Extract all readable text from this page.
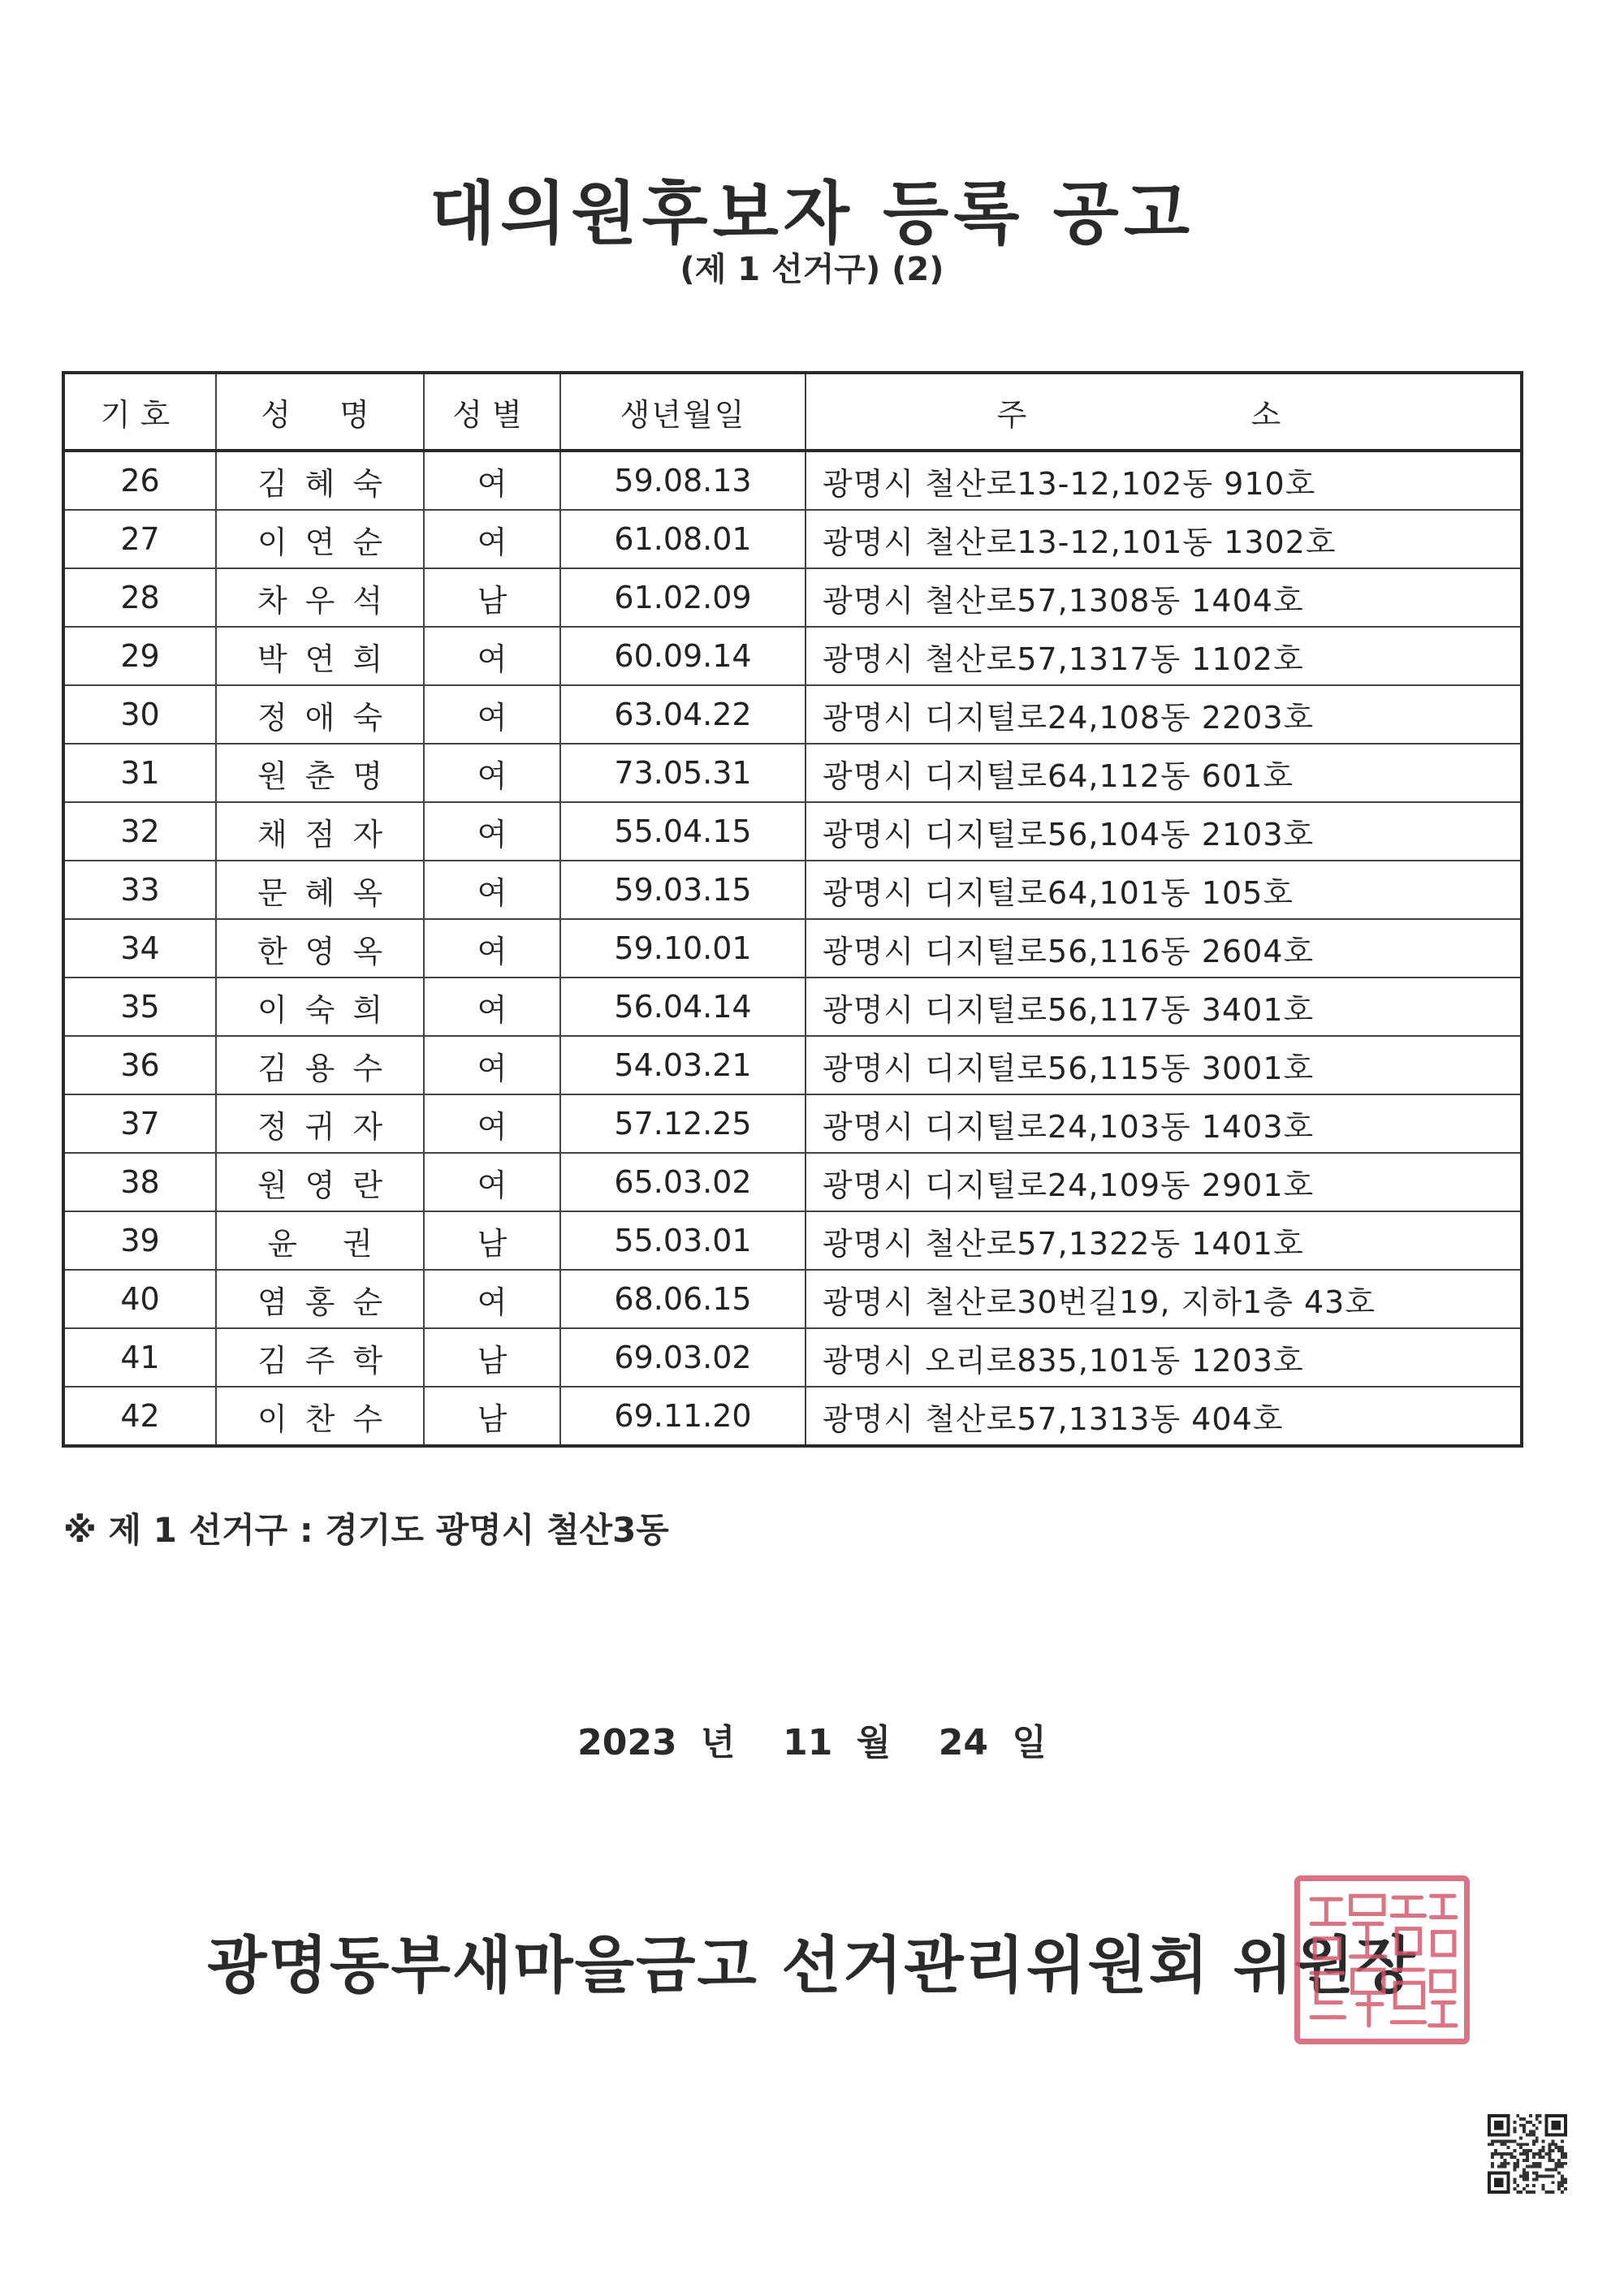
대의원후보자 등록 공고
(제 1 선거구) (2)
기호	성  명	성별	생년월일	주   소
26	김혜숙	여	59.08.13	광명시 철산로13-12,102동 910호
27	이연순	여	61.08.01	광명시 철산로13-12,101동 1302호
28	차우석	남	61.02.09	광명시 철산로57,1308동 1404호
29	박연희	여	60.09.14	광명시 철산로57,1317동 1102호
30	정애숙	여	63.04.22	광명시 디지털로24,108동 2203호
31	원춘명	여	73.05.31	광명시 디지털로64,112동 601호
32	채점자	여	55.04.15	광명시 디지털로56,104동 2103호
33	문혜옥	여	59.03.15	광명시 디지털로64,101동 105호
34	한영옥	여	59.10.01	광명시 디지털로56,116동 2604호
35	이숙희	여	56.04.14	광명시 디지털로56,117동 3401호
36	김용수	여	54.03.21	광명시 디지털로56,115동 3001호
37	정귀자	여	57.12.25	광명시 디지털로24,103동 1403호
38	원영란	여	65.03.02	광명시 디지털로24,109동 2901호
39	윤 권	남	55.03.01	광명시 철산로57,1322동 1401호
40	염홍순	여	68.06.15	광명시 철산로30번길19, 지하1층 43호
41	김주학	남	69.03.02	광명시 오리로835,101동 1203호
42	이찬수	남	69.11.20	광명시 철산로57,1313동 404호
※ 제 1 선거구 : 경기도 광명시 철산3동
2023 년  11 월  24 일
광명동부새마을금고 선거관리위원회 위원장
